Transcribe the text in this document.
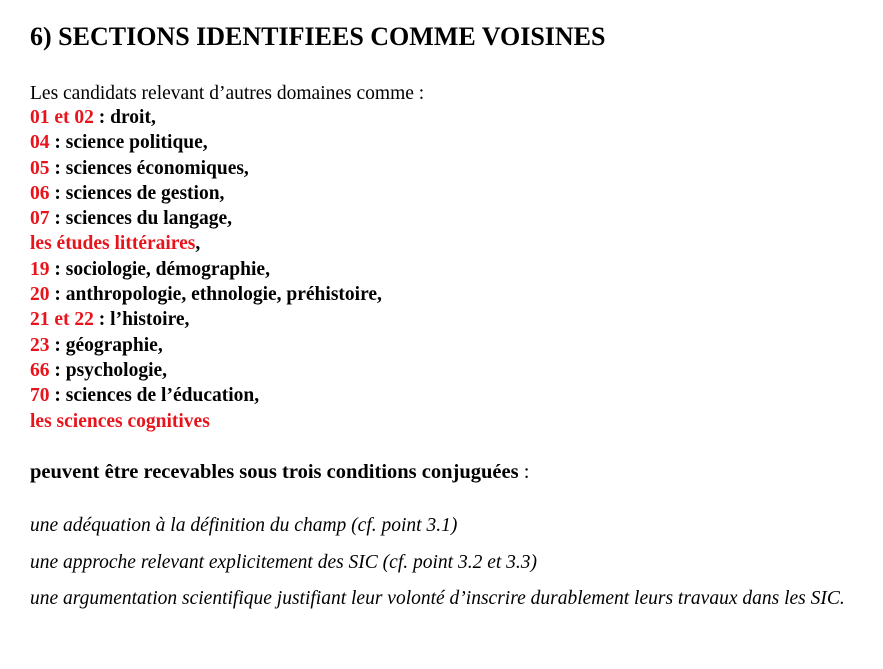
6) SECTIONS IDENTIFIEES COMME VOISINES
Les candidats relevant d’autres domaines comme :
01 et 02 : droit,
04 : science politique,
05 : sciences économiques,
06 : sciences de gestion,
07 : sciences du langage,
les études littéraires,
19 : sociologie, démographie,
20 : anthropologie, ethnologie, préhistoire,
21 et 22 : l’histoire,
23 : géographie,
66 : psychologie,
70 : sciences de l’éducation,
les sciences cognitives
peuvent être recevables sous trois conditions conjuguées :
une adéquation à la définition du champ (cf. point 3.1)
une approche relevant explicitement des SIC (cf. point 3.2 et 3.3)
une argumentation scientifique justifiant leur volonté d’inscrire durablement leurs travaux dans les SIC.
